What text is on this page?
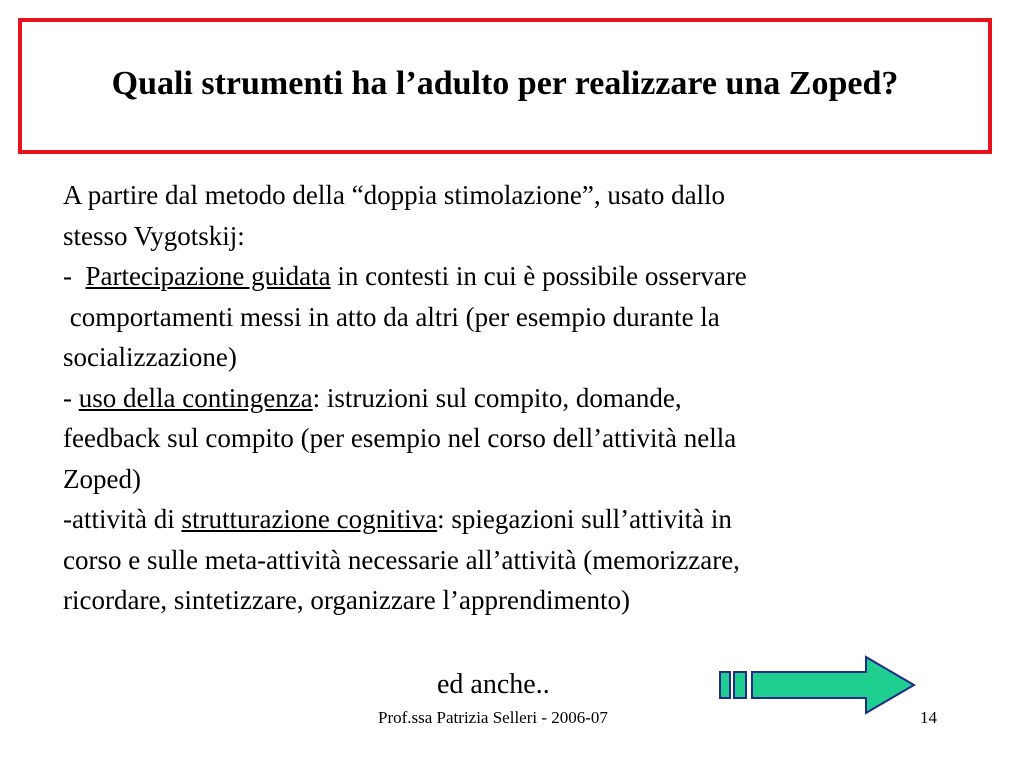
Quali strumenti ha l’adulto per realizzare una Zoped?
A partire dal metodo della “doppia stimolazione”, usato dallo
stesso Vygotskij:
-  Partecipazione guidata in contesti in cui è possibile osservare
comportamenti messi in atto da altri (per esempio durante la
socializzazione)
- uso della contingenza: istruzioni sul compito, domande,
feedback sul compito (per esempio nel corso dell’attività nella
Zoped)
-attività di strutturazione cognitiva: spiegazioni sull’attività in
corso e sulle meta-attività necessarie all’attività (memorizzare,
ricordare, sintetizzare, organizzare l’apprendimento)
ed anche..
Prof.ssa Patrizia Selleri - 2006-07	14
